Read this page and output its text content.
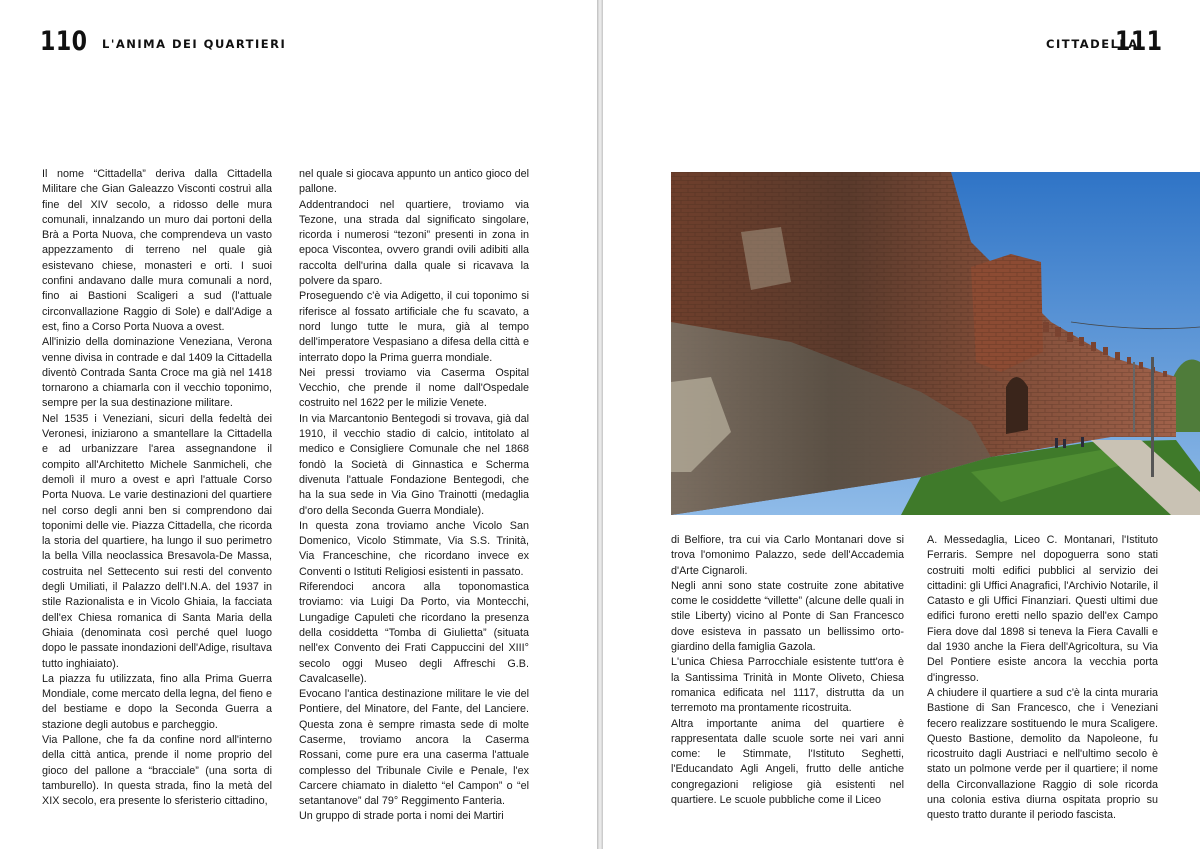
110 L'ANIMA DEI QUARTIERI

Il nome “Cittadella” deriva dalla Cittadella Militare che Gian Galeazzo Visconti costruì alla fine del XIV secolo, a ridosso delle mura comunali, innalzando un muro dai portoni della Brà a Porta Nuova, che comprendeva un vasto appezzamento di terreno nel quale già esistevano chiese, monasteri e orti. I suoi confini andavano dalle mura comunali a nord, fino ai Bastioni Scaligeri a sud (l'attuale circonvallazione Raggio di Sole) e dall'Adige a est, fino a Corso Porta Nuova a ovest.

All'inizio della dominazione Veneziana, Verona venne divisa in contrade e dal 1409 la Cittadella diventò Contrada Santa Croce ma già nel 1418 tornarono a chiamarla con il vecchio toponimo, sempre per la sua destinazione militare.

Nel 1535 i Veneziani, sicuri della fedeltà dei Veronesi, iniziarono a smantellare la Cittadella e ad urbanizzare l'area assegnandone il compito all'Architetto Michele Sanmicheli, che demolì il muro a ovest e aprì l'attuale Corso Porta Nuova. Le varie destinazioni del quartiere nel corso degli anni ben si comprendono dai toponimi delle vie. Piazza Cittadella, che ricorda la storia del quartiere, ha lungo il suo perimetro la bella Villa neoclassica Bresavola-De Massa, costruita nel Settecento sui resti del convento degli Umiliati, il Palazzo dell'I.N.A. del 1937 in stile Razionalista e in Vicolo Ghiaia, la facciata dell'ex Chiesa romanica di Santa Maria della Ghiaia (denominata così perché quel luogo dopo le passate inondazioni dell'Adige, risultava tutto inghiaiato).

La piazza fu utilizzata, fino alla Prima Guerra Mondiale, come mercato della legna, del fieno e del bestiame e dopo la Seconda Guerra a stazione degli autobus e parcheggio.

Via Pallone, che fa da confine nord all'interno della città antica, prende il nome proprio del gioco del pallone a “bracciale” (una sorta di tamburello). In questa strada, fino la metà del XIX secolo, era presente lo sferisterio cittadino,

nel quale si giocava appunto un antico gioco del pallone.

Addentrandoci nel quartiere, troviamo via Tezone, una strada dal significato singolare, ricorda i numerosi “tezoni” presenti in zona in epoca Viscontea, ovvero grandi ovili adibiti alla raccolta dell'urina dalla quale si ricavava la polvere da sparo.

Proseguendo c'è via Adigetto, il cui toponimo si riferisce al fossato artificiale che fu scavato, a nord lungo tutte le mura, già al tempo dell'imperatore Vespasiano a difesa della città e interrato dopo la Prima guerra mondiale.

Nei pressi troviamo via Caserma Ospital Vecchio, che prende il nome dall'Ospedale costruito nel 1622 per le milizie Venete.

In via Marcantonio Bentegodi si trovava, già dal 1910, il vecchio stadio di calcio, intitolato al medico e Consigliere Comunale che nel 1868 fondò la Società di Ginnastica e Scherma divenuta l'attuale Fondazione Bentegodi, che ha la sua sede in Via Gino Trainotti (medaglia d'oro della Seconda Guerra Mondiale).

In questa zona troviamo anche Vicolo San Domenico, Vicolo Stimmate, Via S.S. Trinità, Via Franceschine, che ricordano invece ex Conventi o Istituti Religiosi esistenti in passato.

Riferendoci ancora alla toponomastica troviamo: via Luigi Da Porto, via Montecchi, Lungadige Capuleti che ricordano la presenza della cosiddetta “Tomba di Giulietta” (situata nell'ex Convento dei Frati Cappuccini del XIII° secolo oggi Museo degli Affreschi G.B. Cavalcaselle).

Evocano l'antica destinazione militare le vie del Pontiere, del Minatore, del Fante, del Lanciere. Questa zona è sempre rimasta sede di molte Caserme, troviamo ancora la Caserma Rossani, come pure era una caserma l'attuale complesso del Tribunale Civile e Penale, l'ex Carcere chiamato in dialetto “el Campon” o “el setantanove” dal 79° Reggimento Fanteria.

Un gruppo di strade porta i nomi dei Martiri

CITTADELLA
111

di Belfiore, tra cui via Carlo Montanari dove si trova l'omonimo Palazzo, sede dell'Accademia d'Arte Cignaroli.

Negli anni sono state costruite zone abitative come le cosiddette “villette” (alcune delle quali in stile Liberty) vicino al Ponte di San Francesco dove esisteva in passato un bellissimo orto-giardino della famiglia Gazola.

L'unica Chiesa Parrocchiale esistente tutt'ora è la Santissima Trinità in Monte Oliveto, Chiesa romanica edificata nel 1117, distrutta da un terremoto ma prontamente ricostruita.

Altra importante anima del quartiere è rappresentata dalle scuole sorte nei vari anni come: le Stimmate, l'Istituto Seghetti, l'Educandato Agli Angeli, frutto delle antiche congregazioni religiose già esistenti nel quartiere. Le scuole pubbliche come il Liceo

A. Messedaglia, Liceo C. Montanari, l'Istituto Ferraris. Sempre nel dopoguerra sono stati costruiti molti edifici pubblici al servizio dei cittadini: gli Uffici Anagrafici, l'Archivio Notarile, il Catasto e gli Uffici Finanziari. Questi ultimi due edifici furono eretti nello spazio dell'ex Campo Fiera dove dal 1898 si teneva la Fiera Cavalli e dal 1930 anche la Fiera dell'Agricoltura, su Via Del Pontiere esiste ancora la vecchia porta d'ingresso.

A chiudere il quartiere a sud c'è la cinta muraria Bastione di San Francesco, che i Veneziani fecero realizzare sostituendo le mura Scaligere. Questo Bastione, demolito da Napoleone, fu ricostruito dagli Austriaci e nell'ultimo secolo è stato un polmone verde per il quartiere; il nome della Circonvallazione Raggio di sole ricorda una colonia estiva diurna ospitata proprio su questo tratto durante il periodo fascista.
